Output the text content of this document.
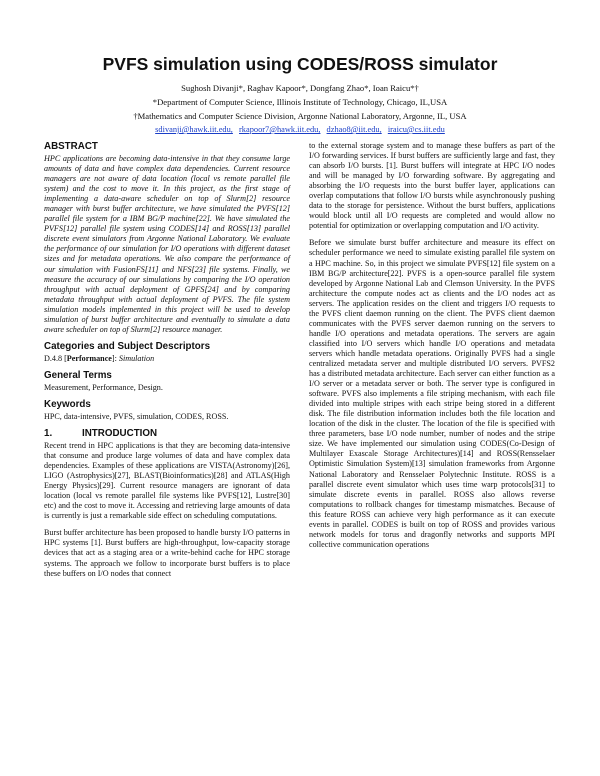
PVFS simulation using CODES/ROSS simulator

Sughosh Divanji*, Raghav Kapoor*, Dongfang Zhao*, Ioan Raicu*†

*Department of Computer Science, Illinois Institute of Technology, Chicago, IL,USA

†Mathematics and Computer Science Division, Argonne National Laboratory, Argonne, IL, USA

sdivanji@hawk.iit.edu, rkapoor7@hawk.iit.edu, dzhao8@iit.edu, iraicu@cs.iit.edu
ABSTRACT

HPC applications are becoming data-intensive in that they consume large amounts of data and have complex data dependencies. Current resource managers are not aware of data location (local vs remote parallel file system) and the cost to move it. In this project, as the first stage of implementing a data-aware scheduler on top of Slurm[2] resource manager with burst buffer architecture, we have simulated the PVFS[12] parallel file system for a IBM BG/P machine[22]. We have simulated the PVFS[12] parallel file system using CODES[14] and ROSS[13] parallel discrete event simulators from Argonne National Laboratory. We evaluate the performance of our simulation for I/O operations with different dataset sizes and for metadata operations. We also compare the performance of our simulation with FusionFS[11] and NFS[23] file systems. Finally, we measure the accuracy of our simulations by comparing the I/O operation throughput with actual deployment of GPFS[24] and by comparing metadata throughput with actual deployment of PVFS. The file system simulation models implemented in this project will be used to develop simulation of burst buffer architecture and eventually to simulate a data aware scheduler on top of Slurm[2] resource manager.

Categories and Subject Descriptors

D.4.8 [Performance]: Simulation

General Terms

Measurement, Performance, Design.

Keywords

HPC, data-intensive, PVFS, simulation, CODES, ROSS.

1.	INTRODUCTION

Recent trend in HPC applications is that they are becoming data-intensive that consume and produce large volumes of data and have complex data dependencies. Examples of these applications are VISTA(Astronomy)[26], LIGO (Astrophysics)[27], BLAST(Bioinformatics)[28] and ATLAS(High Energy Physics)[29]. Current resource managers are ignorant of data location (local vs remote parallel file systems like PVFS[12], Lustre[30] etc) and the cost to move it. Accessing and retrieving large amounts of data is currently is just a remarkable side effect on scheduling computations.

Burst buffer architecture has been proposed to handle bursty I/O patterns in HPC systems [1]. Burst buffers are high-throughput, low-capacity storage devices that act as a staging area or a write-behind cache for HPC storage systems. The approach we follow to incorporate burst buffers is to place these buffers on I/O nodes that connect

to the external storage system and to manage these buffers as part of the I/O forwarding services. If burst buffers are sufficiently large and fast, they can absorb I/O bursts. [1]. Burst buffers will integrate at HPC I/O nodes and will be managed by I/O forwarding software. By aggregating and absorbing the I/O requests into the burst buffer layer, applications can overlap computations that follow I/O bursts while asynchronously pushing data to the storage for persistence. Without the burst buffers, applications would block until all I/O requests are completed and would allow no potential for optimization or overlapping computation and I/O activity.

Before we simulate burst buffer architecture and measure its effect on scheduler performance we need to simulate existing parallel file system on a HPC machine. So, in this project we simulate PVFS[12] file system on a IBM BG/P architecture[22]. PVFS is a open-source parallel file system developed by Argonne National Lab and Clemson University. In the PVFS architecture the compute nodes act as clients and the I/O nodes act as servers. The application resides on the client and triggers I/O requests to the PVFS client daemon running on the client. The PVFS client daemon communicates with the PVFS server daemon running on the servers to handle I/O operations and metadata operations. The servers are again classified into I/O servers which handle I/O operations and metadata servers which handle metadata operations. Originally PVFS had a single centralized metadata server and multiple distributed I/O servers. PVFS2 has a distributed metadata architecture. Each server can either function as a I/O server or a metadata server or both. The server type is configured in software. PVFS also implements a file striping mechanism, with each file divided into multiple stripes with each stripe being stored in a different disk. The file distribution information includes both the file location and location of the disk in the cluster. The location of the file is specified with three parameters, base I/O node number, number of nodes and the stripe size. We have implemented our simulation using CODES(Co-Design of Multilayer Exascale Storage Architectures)[14] and ROSS(Rensselaer Optimistic Simulation System)[13] simulation frameworks from Argonne National Laboratory and Rensselaer Polytechnic Institute. ROSS is a parallel discrete event simulator which uses time warp protocols[31] to simulate discrete events in parallel. ROSS also allows reverse computations to rollback changes for timestamp mismatches. Because of this feature ROSS can achieve very high performance as it can execute events in parallel. CODES is built on top of ROSS and provides various network models for torus and dragonfly networks and supports MPI collective communication operations
